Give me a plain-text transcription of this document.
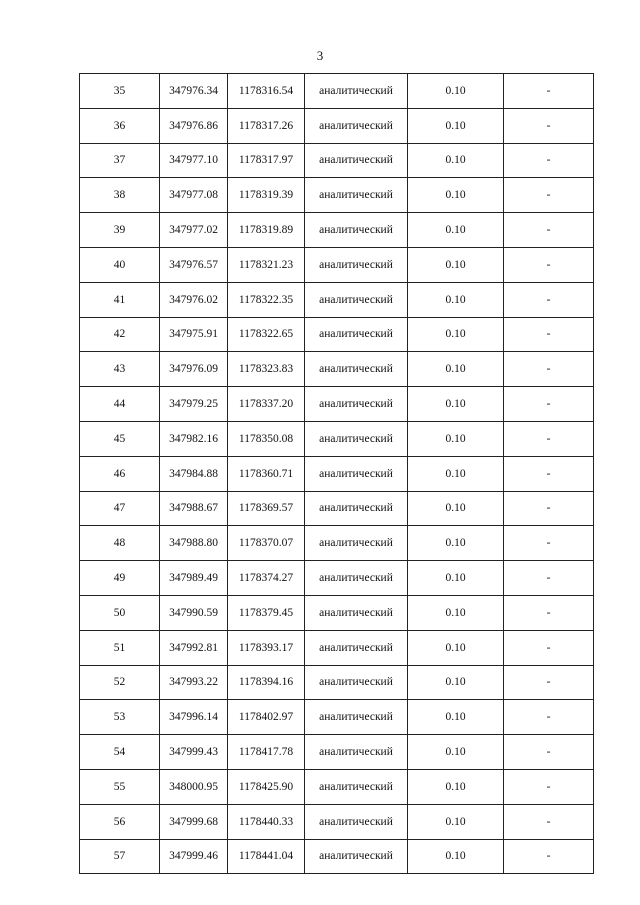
3
35	347976.34	1178316.54	аналитический	0.10	-
36	347976.86	1178317.26	аналитический	0.10	-
37	347977.10	1178317.97	аналитический	0.10	-
38	347977.08	1178319.39	аналитический	0.10	-
39	347977.02	1178319.89	аналитический	0.10	-
40	347976.57	1178321.23	аналитический	0.10	-
41	347976.02	1178322.35	аналитический	0.10	-
42	347975.91	1178322.65	аналитический	0.10	-
43	347976.09	1178323.83	аналитический	0.10	-
44	347979.25	1178337.20	аналитический	0.10	-
45	347982.16	1178350.08	аналитический	0.10	-
46	347984.88	1178360.71	аналитический	0.10	-
47	347988.67	1178369.57	аналитический	0.10	-
48	347988.80	1178370.07	аналитический	0.10	-
49	347989.49	1178374.27	аналитический	0.10	-
50	347990.59	1178379.45	аналитический	0.10	-
51	347992.81	1178393.17	аналитический	0.10	-
52	347993.22	1178394.16	аналитический	0.10	-
53	347996.14	1178402.97	аналитический	0.10	-
54	347999.43	1178417.78	аналитический	0.10	-
55	348000.95	1178425.90	аналитический	0.10	-
56	347999.68	1178440.33	аналитический	0.10	-
57	347999.46	1178441.04	аналитический	0.10	-
